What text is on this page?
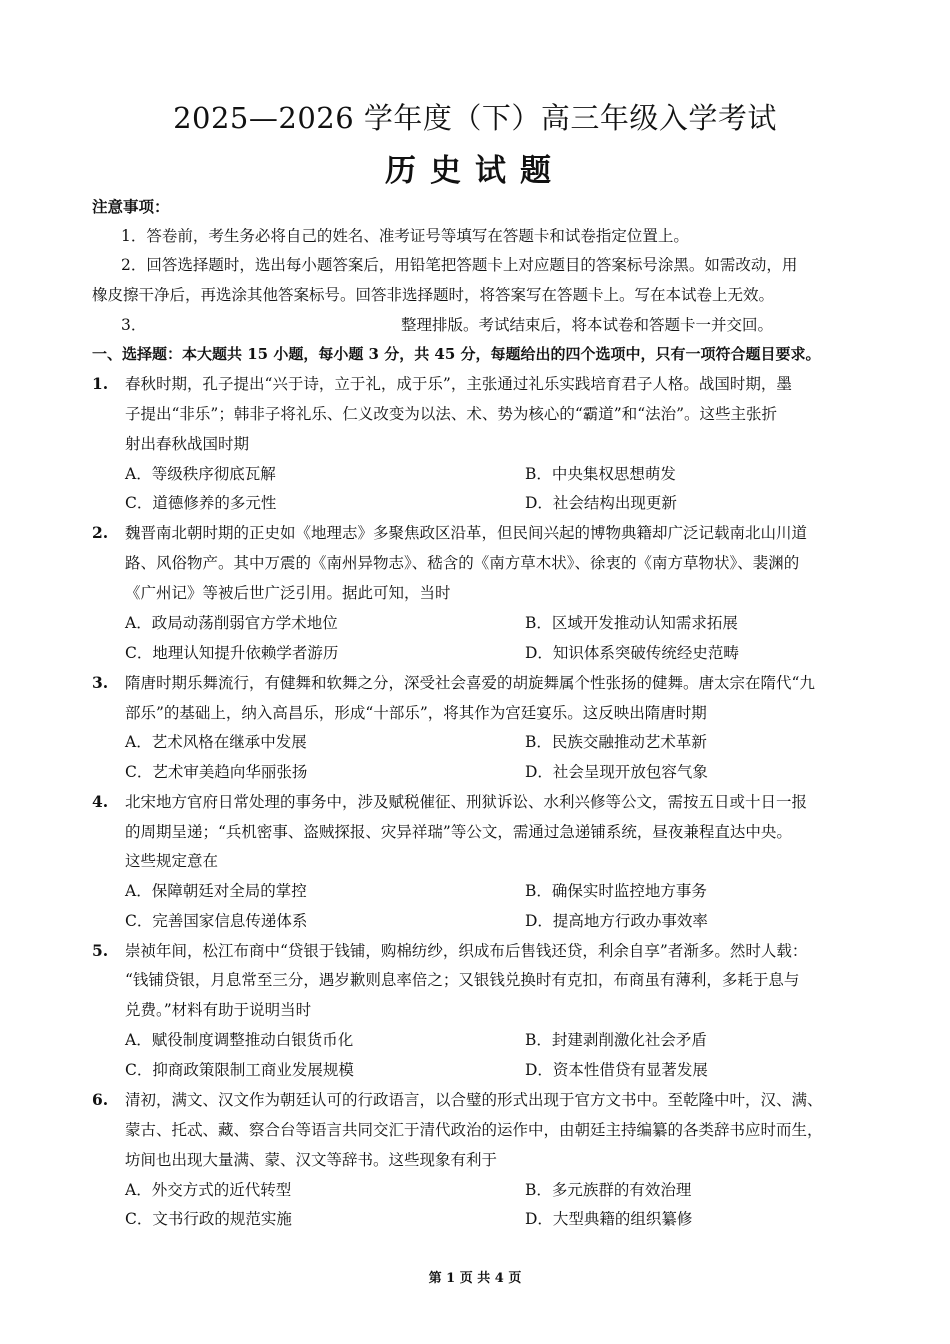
2025—2026 学年度（下）高三年级入学考试
历史试题
注意事项：
1．答卷前，考生务必将自己的姓名、准考证号等填写在答题卡和试卷指定位置上。
2．回答选择题时，选出每小题答案后，用铅笔把答题卡上对应题目的答案标号涂黑。如需改动，用
橡皮擦干净后，再选涂其他答案标号。回答非选择题时，将答案写在答题卡上。写在本试卷上无效。
3．	整理排版。考试结束后，将本试卷和答题卡一并交回。
一、选择题：本大题共 15 小题，每小题 3 分，共 45 分，每题给出的四个选项中，只有一项符合题目要求。
1. 春秋时期，孔子提出“兴于诗，立于礼，成于乐”，主张通过礼乐实践培育君子人格。战国时期，墨
子提出“非乐”；韩非子将礼乐、仁义改变为以法、术、势为核心的“霸道”和“法治”。这些主张折
射出春秋战国时期
A．等级秩序彻底瓦解	B．中央集权思想萌发
C．道德修养的多元性	D．社会结构出现更新
2. 魏晋南北朝时期的正史如《地理志》多聚焦政区沿革，但民间兴起的博物典籍却广泛记载南北山川道
路、风俗物产。其中万震的《南州异物志》、嵇含的《南方草木状》、徐衷的《南方草物状》、裴渊的
《广州记》等被后世广泛引用。据此可知，当时
A．政局动荡削弱官方学术地位	B．区域开发推动认知需求拓展
C．地理认知提升依赖学者游历	D．知识体系突破传统经史范畴
3. 隋唐时期乐舞流行，有健舞和软舞之分，深受社会喜爱的胡旋舞属个性张扬的健舞。唐太宗在隋代“九
部乐”的基础上，纳入高昌乐，形成“十部乐”，将其作为宫廷宴乐。这反映出隋唐时期
A．艺术风格在继承中发展	B．民族交融推动艺术革新
C．艺术审美趋向华丽张扬	D．社会呈现开放包容气象
4. 北宋地方官府日常处理的事务中，涉及赋税催征、刑狱诉讼、水利兴修等公文，需按五日或十日一报
的周期呈递；“兵机密事、盗贼探报、灾异祥瑞”等公文，需通过急递铺系统，昼夜兼程直达中央。
这些规定意在
A．保障朝廷对全局的掌控	B．确保实时监控地方事务
C．完善国家信息传递体系	D．提高地方行政办事效率
5. 崇祯年间，松江布商中“贷银于钱铺，购棉纺纱，织成布后售钱还贷，利余自享”者渐多。然时人载：
“钱铺贷银，月息常至三分，遇岁歉则息率倍之；又银钱兑换时有克扣，布商虽有薄利，多耗于息与
兑费。”材料有助于说明当时
A．赋役制度调整推动白银货币化	B．封建剥削激化社会矛盾
C．抑商政策限制工商业发展规模	D．资本性借贷有显著发展
6. 清初，满文、汉文作为朝廷认可的行政语言，以合璧的形式出现于官方文书中。至乾隆中叶，汉、满、
蒙古、托忒、藏、察合台等语言共同交汇于清代政治的运作中，由朝廷主持编纂的各类辞书应时而生，
坊间也出现大量满、蒙、汉文等辞书。这些现象有利于
A．外交方式的近代转型	B．多元族群的有效治理
C．文书行政的规范实施	D．大型典籍的组织纂修
第 1 页 共 4 页
